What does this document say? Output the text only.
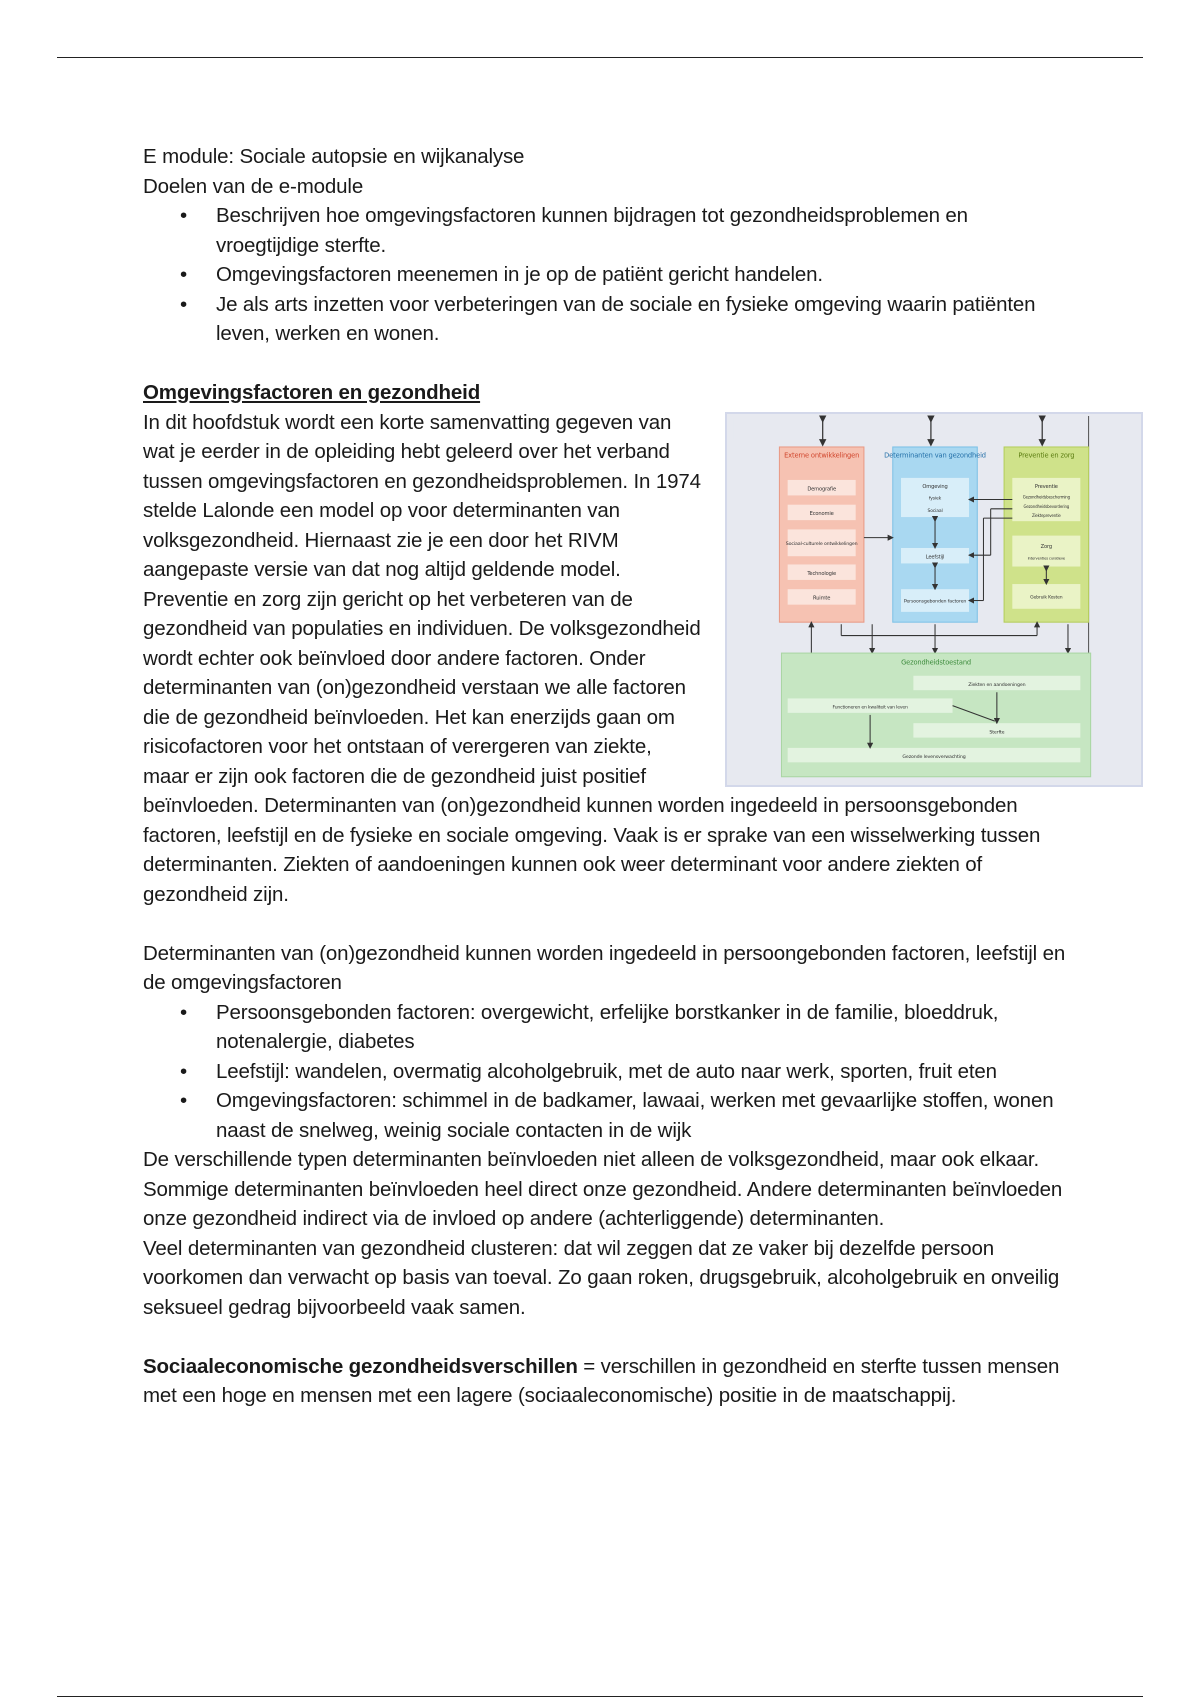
E module: Sociale autopsie en wijkanalyse

Doelen van de e-module

• Beschrijven hoe omgevingsfactoren kunnen bijdragen tot gezondheidsproblemen en vroegtijdige sterfte.
• Omgevingsfactoren meenemen in je op de patiënt gericht handelen.
• Je als arts inzetten voor verbeteringen van de sociale en fysieke omgeving waarin patiënten leven, werken en wonen.

Omgevingsfactoren en gezondheid

Externe ontwikkelingen
Demografie
Economie
Sociaal-culturele ontwikkelingen
Technologie
Ruimte
Determinanten van gezondheid
Omgeving
fysiek
Sociaal
Leefstijl
Persoonsgebonden factoren
Preventie en zorg
Preventie
Gezondheidsbescherming
Gezondheidsbevordering
Ziektepreventie
Zorg
Interventies curatieve
Gebruik Kosten
Gezondheidstoestand
Ziekten en aandoeningen
Functioneren en kwaliteit van leven
Sterfte
Gezonde levensverwachting

In dit hoofdstuk wordt een korte samenvatting gegeven van wat je eerder in de opleiding hebt geleerd over het verband tussen omgevingsfactoren en gezondheidsproblemen. In 1974 stelde Lalonde een model op voor determinanten van volksgezondheid. Hiernaast zie je een door het RIVM aangepaste versie van dat nog altijd geldende model. Preventie en zorg zijn gericht op het verbeteren van de gezondheid van populaties en individuen. De volksgezondheid wordt echter ook beïnvloed door andere factoren. Onder determinanten van (on)gezondheid verstaan we alle factoren die de gezondheid beïnvloeden. Het kan enerzijds gaan om risicofactoren voor het ontstaan of verergeren van ziekte, maar er zijn ook factoren die de gezondheid juist positief beïnvloeden. Determinanten van (on)gezondheid kunnen worden ingedeeld in persoonsgebonden factoren, leefstijl en de fysieke en sociale omgeving. Vaak is er sprake van een wisselwerking tussen determinanten. Ziekten of aandoeningen kunnen ook weer determinant voor andere ziekten of gezondheid zijn.

Determinanten van (on)gezondheid kunnen worden ingedeeld in persoongebonden factoren, leefstijl en de omgevingsfactoren

• Persoonsgebonden factoren: overgewicht, erfelijke borstkanker in de familie, bloeddruk, notenalergie, diabetes
• Leefstijl: wandelen, overmatig alcoholgebruik, met de auto naar werk, sporten, fruit eten
• Omgevingsfactoren: schimmel in de badkamer, lawaai, werken met gevaarlijke stoffen, wonen naast de snelweg, weinig sociale contacten in de wijk

De verschillende typen determinanten beïnvloeden niet alleen de volksgezondheid, maar ook elkaar. Sommige determinanten beïnvloeden heel direct onze gezondheid. Andere determinanten beïnvloeden onze gezondheid indirect via de invloed op andere (achterliggende) determinanten.

Veel determinanten van gezondheid clusteren: dat wil zeggen dat ze vaker bij dezelfde persoon voorkomen dan verwacht op basis van toeval. Zo gaan roken, drugsgebruik, alcoholgebruik en onveilig seksueel gedrag bijvoorbeeld vaak samen.

Sociaaleconomische gezondheidsverschillen = verschillen in gezondheid en sterfte tussen mensen met een hoge en mensen met een lagere (sociaaleconomische) positie in de maatschappij.
